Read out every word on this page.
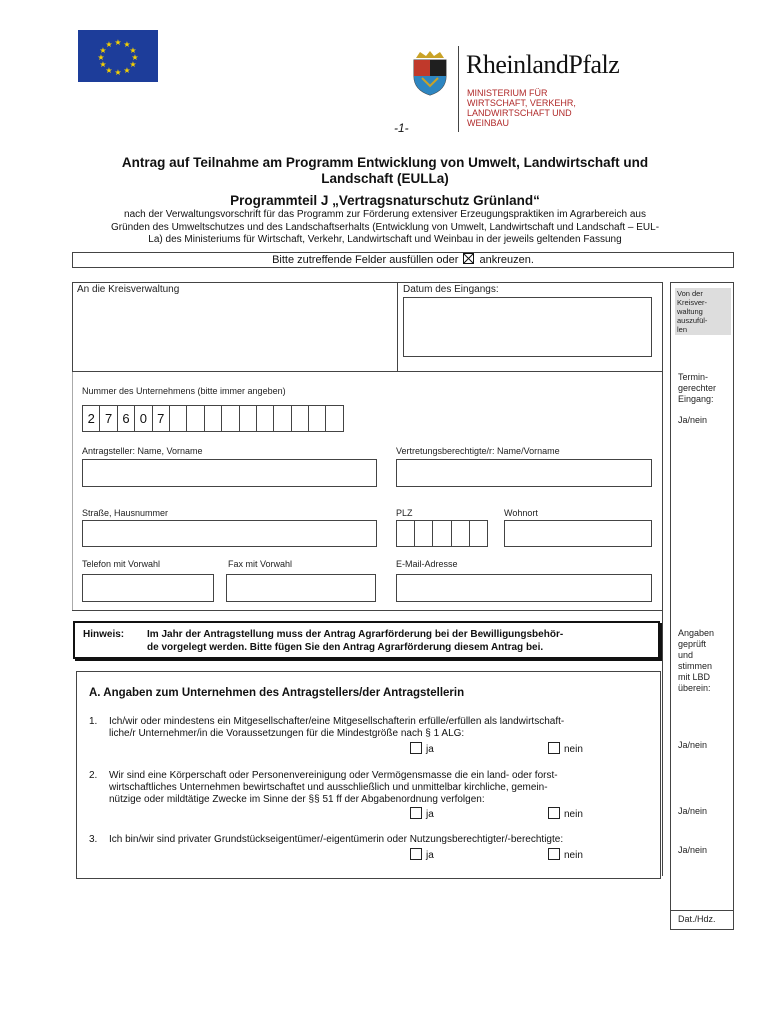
★ ★
★
★
★
★
★
★
★
★
★
★
RheinlandPfalz
MINISTERIUM FÜR
WIRTSCHAFT, VERKEHR,
LANDWIRTSCHAFT UND
WEINBAU
-1-
Antrag auf Teilnahme am Programm Entwicklung von Umwelt, Landwirtschaft und
Landschaft (EULLa)
Programmteil J „Vertragsnaturschutz Grünland“
nach der Verwaltungsvorschrift für das Programm zur Förderung extensiver Erzeugungspraktiken im Agrarbereich aus
Gründen des Umweltschutzes und des Landschaftserhalts (Entwicklung von Umwelt, Landwirtschaft und Landschaft – EUL-
La) des Ministeriums für Wirtschaft, Verkehr, Landwirtschaft und Weinbau in der jeweils geltenden Fassung
Bitte zutreffende Felder ausfüllen oder ☒ ankreuzen.
An die Kreisverwaltung	Datum des Eingangs:
Nummer des Unternehmens (bitte immer angeben)
2 7 6 0 7
Antragsteller: Name, Vorname	Vertretungsberechtigte/r: Name/Vorname
Straße, Hausnummer	PLZ	Wohnort
Telefon mit Vorwahl	Fax mit Vorwahl	E-Mail-Adresse
Hinweis: Im Jahr der Antragstellung muss der Antrag Agrarförderung bei der Bewilligungsbehör-
de vorgelegt werden. Bitte fügen Sie den Antrag Agrarförderung diesem Antrag bei.
A. Angaben zum Unternehmen des Antragstellers/der Antragstellerin
1. Ich/wir oder mindestens ein Mitgesellschafter/eine Mitgesellschafterin erfülle/erfüllen als landwirtschaft-
liche/r Unternehmer/in die Voraussetzungen für die Mindestgröße nach § 1 ALG:
ja	nein
2. Wir sind eine Körperschaft oder Personenvereinigung oder Vermögensmasse die ein land- oder forst-
wirtschaftliches Unternehmen bewirtschaftet und ausschließlich und unmittelbar kirchliche, gemein-
nützige oder mildtätige Zwecke im Sinne der §§ 51 ff der Abgabenordnung verfolgen:
ja	nein
3. Ich bin/wir sind privater Grundstückseigentümer/-eigentümerin oder Nutzungsberechtigter/-berechtigte:
ja	nein
Von der
Kreisver-
waltung
auszufül-
len
Termin-
gerechter
Eingang:
Ja/nein
Angaben
geprüft
und
stimmen
mit LBD
überein:
Ja/nein
Ja/nein
Ja/nein
Dat./Hdz.
